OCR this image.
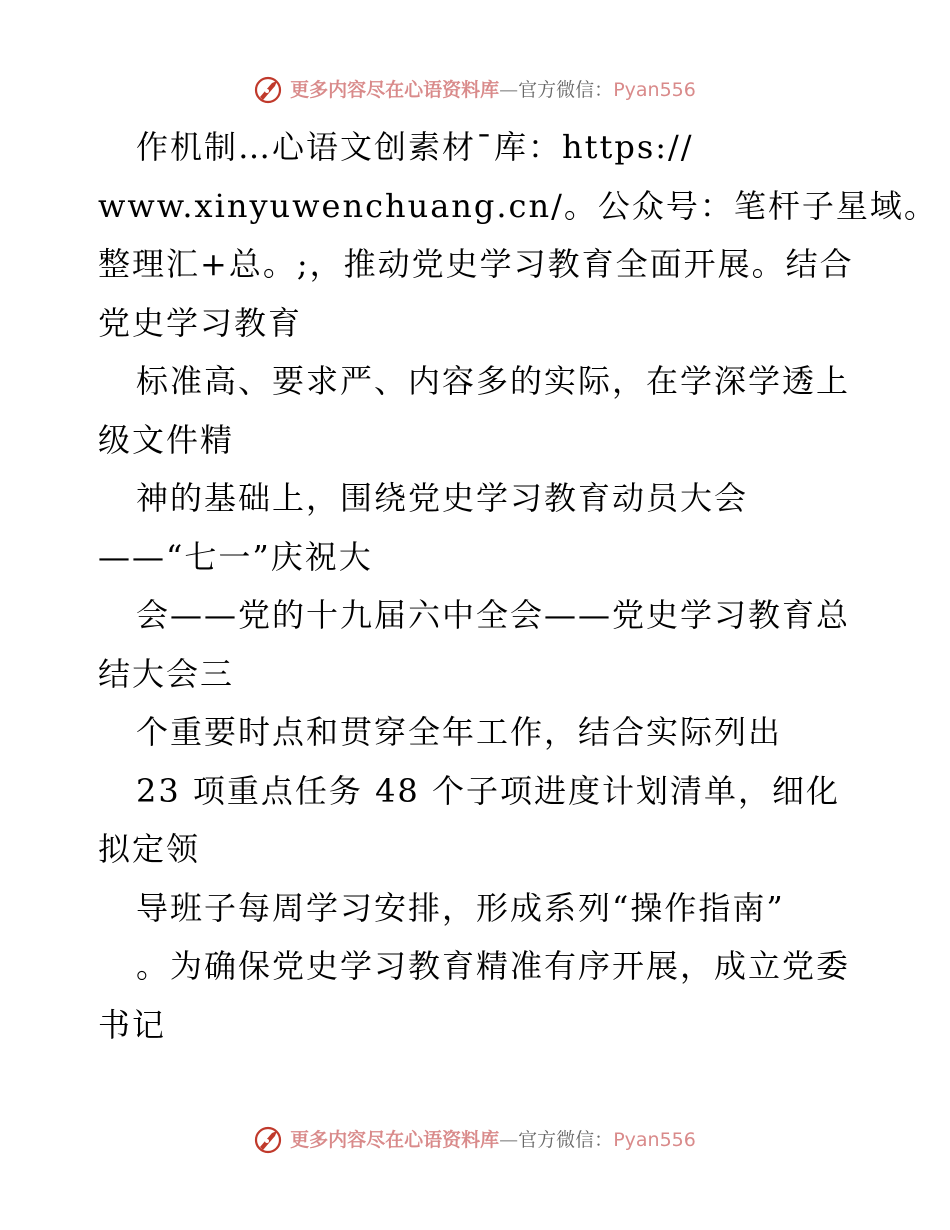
更多内容尽在心语资料库—官方微信：Pyan556
作机制…心语文创素材¯库：https://
www.xinyuwenchuang.cn/。公众号：笔杆子星域。
整理汇+总。;，推动党史学习教育全面开展。结合
党史学习教育
标准高、要求严、内容多的实际，在学深学透上
级文件精
神的基础上，围绕党史学习教育动员大会
——“七一”庆祝大
会——党的十九届六中全会——党史学习教育总
结大会三
个重要时点和贯穿全年工作，结合实际列出
23 项重点任务 48 个子项进度计划清单，细化
拟定领
导班子每周学习安排，形成系列“操作指南”
。为确保党史学习教育精准有序开展，成立党委
书记
更多内容尽在心语资料库—官方微信：Pyan556
